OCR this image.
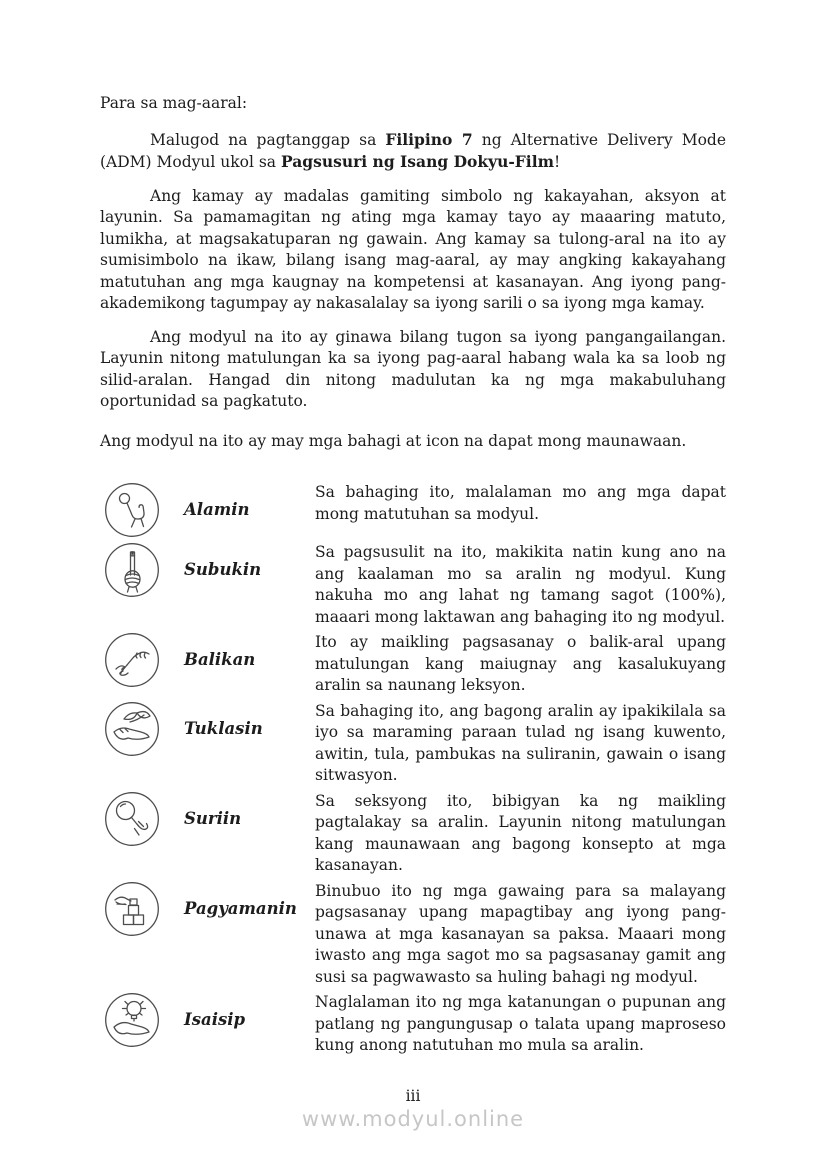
Para sa mag-aaral:

Malugod na pagtanggap sa Filipino 7 ng Alternative Delivery Mode (ADM) Modyul ukol sa Pagsusuri ng Isang Dokyu-Film!

Ang kamay ay madalas gamiting simbolo ng kakayahan, aksyon at layunin. Sa pamamagitan ng ating mga kamay tayo ay maaaring matuto, lumikha, at magsakatuparan ng gawain. Ang kamay sa tulong-aral na ito ay sumisimbolo na ikaw, bilang isang mag-aaral, ay may angking kakayahang matutuhan ang mga kaugnay na kompetensi at kasanayan. Ang iyong pang-akademikong tagumpay ay nakasalalay sa iyong sarili o sa iyong mga kamay.

Ang modyul na ito ay ginawa bilang tugon sa iyong pangangailangan. Layunin nitong matulungan ka sa iyong pag-aaral habang wala ka sa loob ng silid-aralan. Hangad din nitong madulutan ka ng mga makabuluhang oportunidad sa pagkatuto.

Ang modyul na ito ay may mga bahagi at icon na dapat mong maunawaan.

Alamin

Sa bahaging ito, malalaman mo ang mga dapat mong matutuhan sa modyul.

Subukin

Sa pagsusulit na ito, makikita natin kung ano na ang kaalaman mo sa aralin ng modyul. Kung nakuha mo ang lahat ng tamang sagot (100%), maaari mong laktawan ang bahaging ito ng modyul.

Balikan

Ito ay maikling pagsasanay o balik-aral upang matulungan kang maiugnay ang kasalukuyang aralin sa naunang leksyon.

Tuklasin

Sa bahaging ito, ang bagong aralin ay ipakikilala sa iyo sa maraming paraan tulad ng isang kuwento, awitin, tula, pambukas na suliranin, gawain o isang sitwasyon.

Suriin

Sa seksyong ito, bibigyan ka ng maikling pagtalakay sa aralin. Layunin nitong matulungan kang maunawaan ang bagong konsepto at mga kasanayan.

Pagyamanin

Binubuo ito ng mga gawaing para sa malayang pagsasanay upang mapagtibay ang iyong pang-unawa at mga kasanayan sa paksa. Maaari mong iwasto ang mga sagot mo sa pagsasanay gamit ang susi sa pagwawasto sa huling bahagi ng modyul.

Isaisip

Naglalaman ito ng mga katanungan o pupunan ang patlang ng pangungusap o talata upang maproseso kung anong natutuhan mo mula sa aralin.

iii
www.modyul.online
